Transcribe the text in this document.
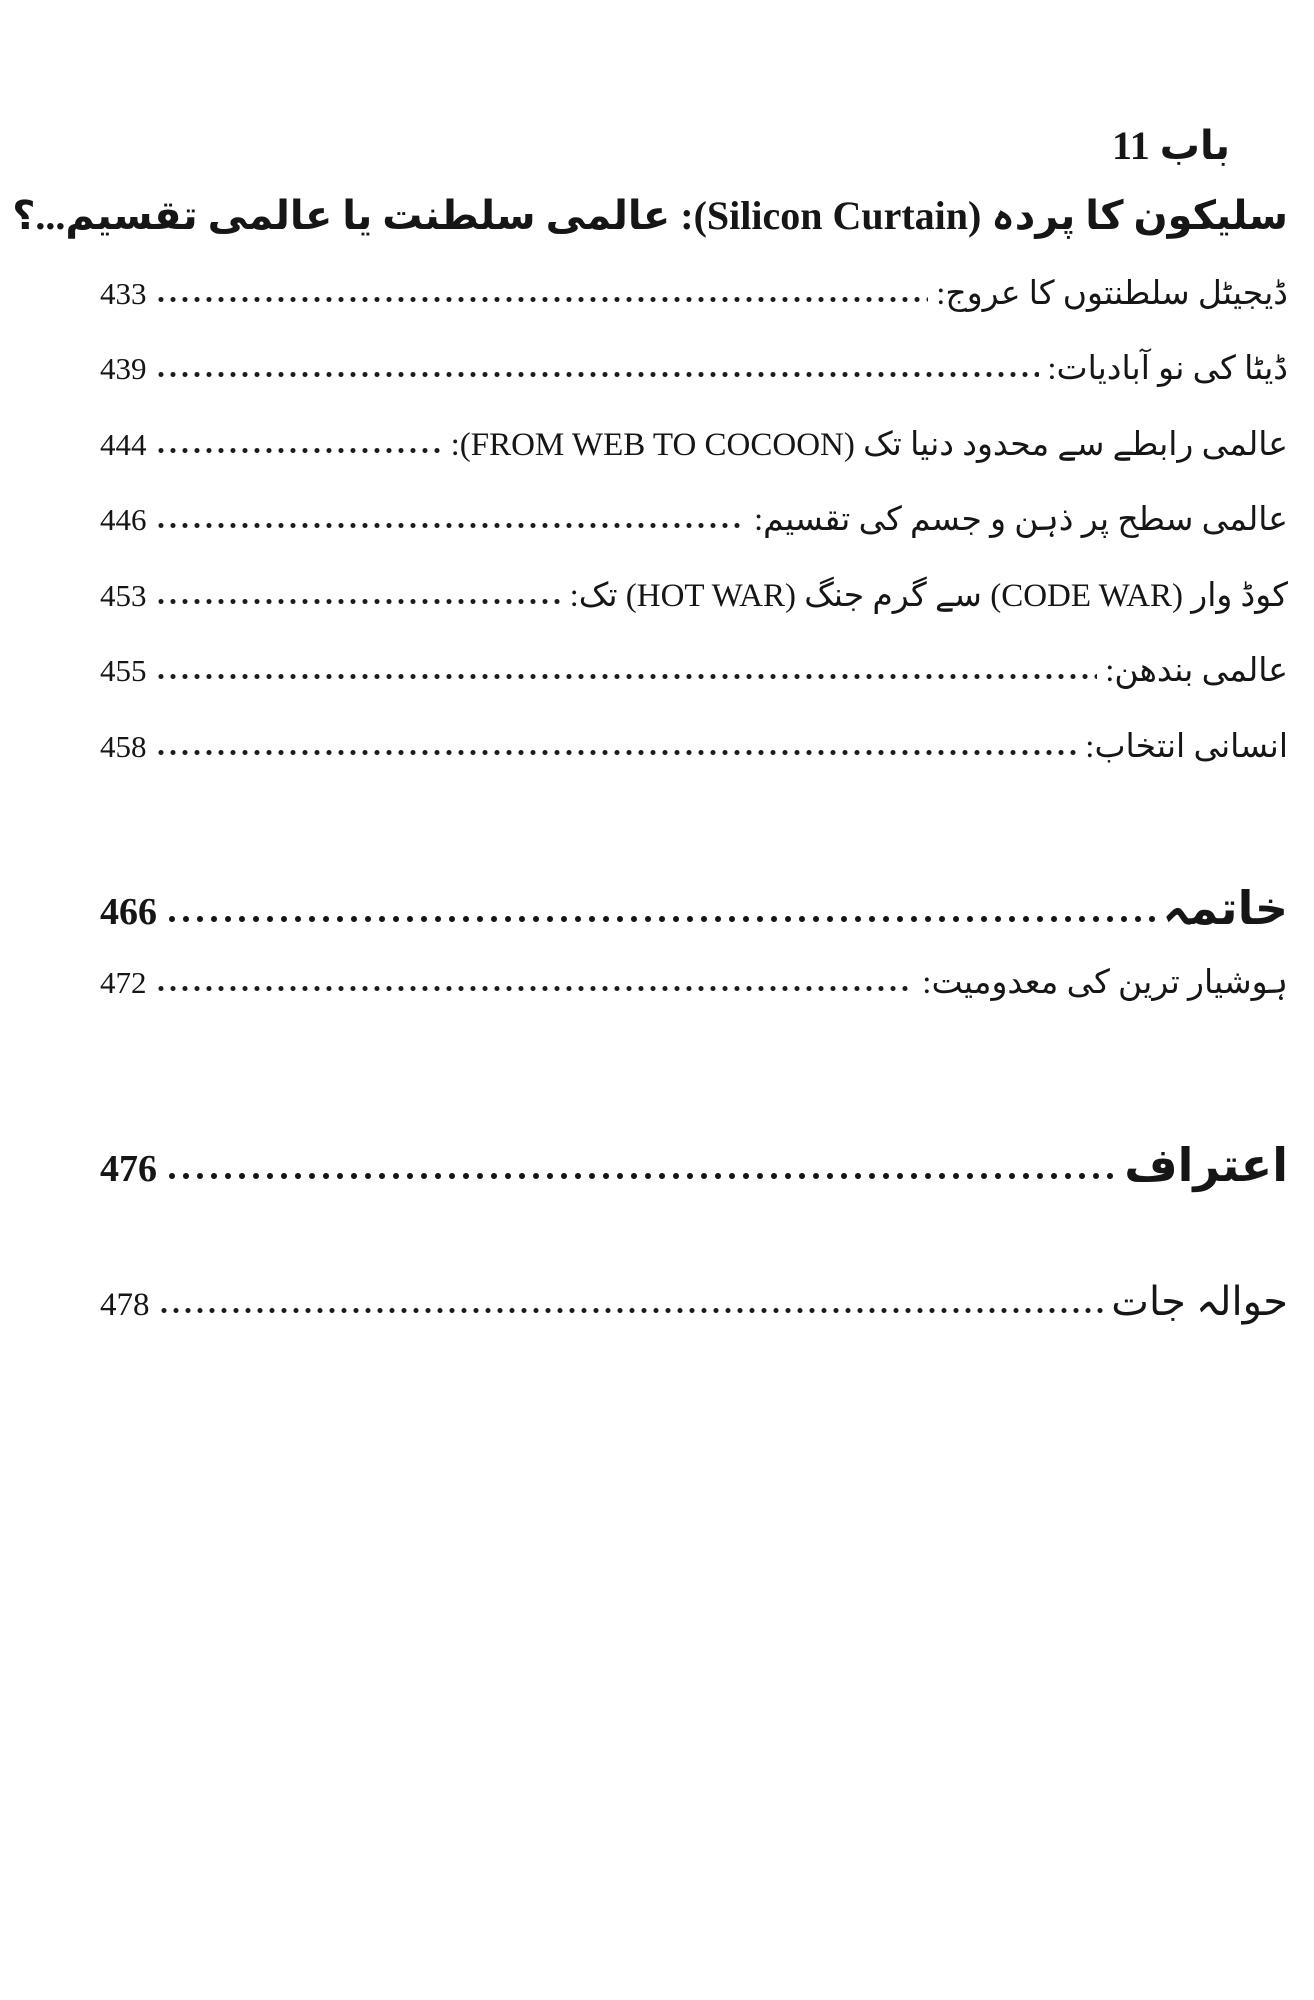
باب 11
سلیکون کا پردہ (Silicon Curtain): عالمی سلطنت یا عالمی تقسیم...؟
ڈیجیٹل سلطنتوں کا عروج:
433
ڈیٹا کی نو آبادیات:
439
عالمی رابطے سے محدود دنیا تک (FROM WEB TO COCOON):
444
عالمی سطح پر ذہن و جسم کی تقسیم:
446
کوڈ وار (CODE WAR) سے گرم جنگ (HOT WAR) تک:
453
عالمی بندھن:
455
انسانی انتخاب:
458
خاتمہ
466
ہوشیار ترین کی معدومیت:
472
اعتراف
476
حوالہ جات
478
